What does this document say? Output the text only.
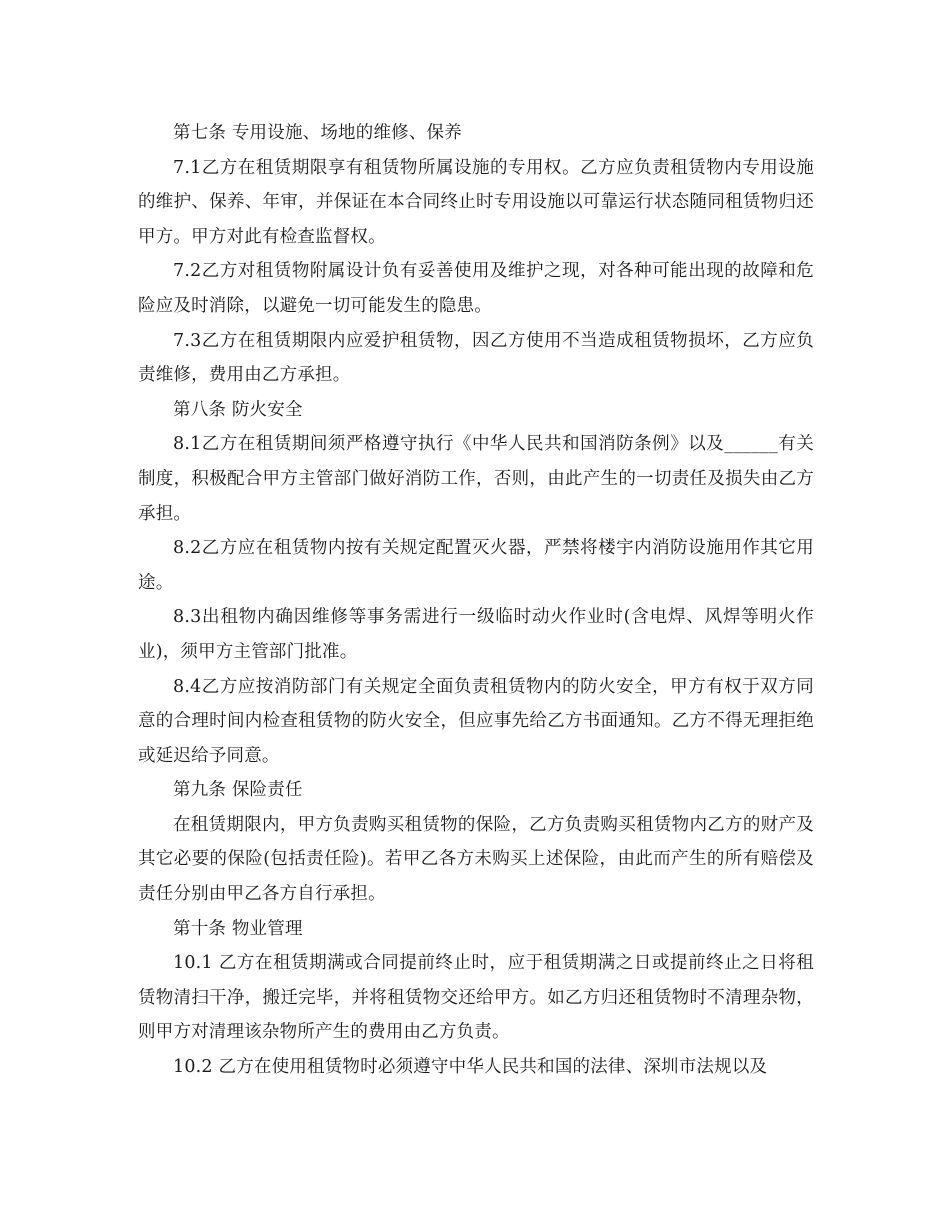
第七条 专用设施、场地的维修、保养

7.1乙方在租赁期限享有租赁物所属设施的专用权。乙方应负责租赁物内专用设施的维护、保养、年审，并保证在本合同终止时专用设施以可靠运行状态随同租赁物归还甲方。甲方对此有检查监督权。

7.2乙方对租赁物附属设计负有妥善使用及维护之现，对各种可能出现的故障和危险应及时消除，以避免一切可能发生的隐患。

7.3乙方在租赁期限内应爱护租赁物，因乙方使用不当造成租赁物损坏，乙方应负责维修，费用由乙方承担。

第八条 防火安全

8.1乙方在租赁期间须严格遵守执行《中华人民共和国消防条例》以及______有关制度，积极配合甲方主管部门做好消防工作，否则，由此产生的一切责任及损失由乙方承担。

8.2乙方应在租赁物内按有关规定配置灭火器，严禁将楼宇内消防设施用作其它用途。

8.3出租物内确因维修等事务需进行一级临时动火作业时(含电焊、风焊等明火作业)，须甲方主管部门批准。

8.4乙方应按消防部门有关规定全面负责租赁物内的防火安全，甲方有权于双方同意的合理时间内检查租赁物的防火安全，但应事先给乙方书面通知。乙方不得无理拒绝或延迟给予同意。

第九条 保险责任

在租赁期限内，甲方负责购买租赁物的保险，乙方负责购买租赁物内乙方的财产及其它必要的保险(包括责任险)。若甲乙各方未购买上述保险，由此而产生的所有赔偿及责任分别由甲乙各方自行承担。

第十条 物业管理

10.1 乙方在租赁期满或合同提前终止时，应于租赁期满之日或提前终止之日将租赁物清扫干净，搬迁完毕，并将租赁物交还给甲方。如乙方归还租赁物时不清理杂物，则甲方对清理该杂物所产生的费用由乙方负责。

10.2 乙方在使用租赁物时必须遵守中华人民共和国的法律、深圳市法规以及
